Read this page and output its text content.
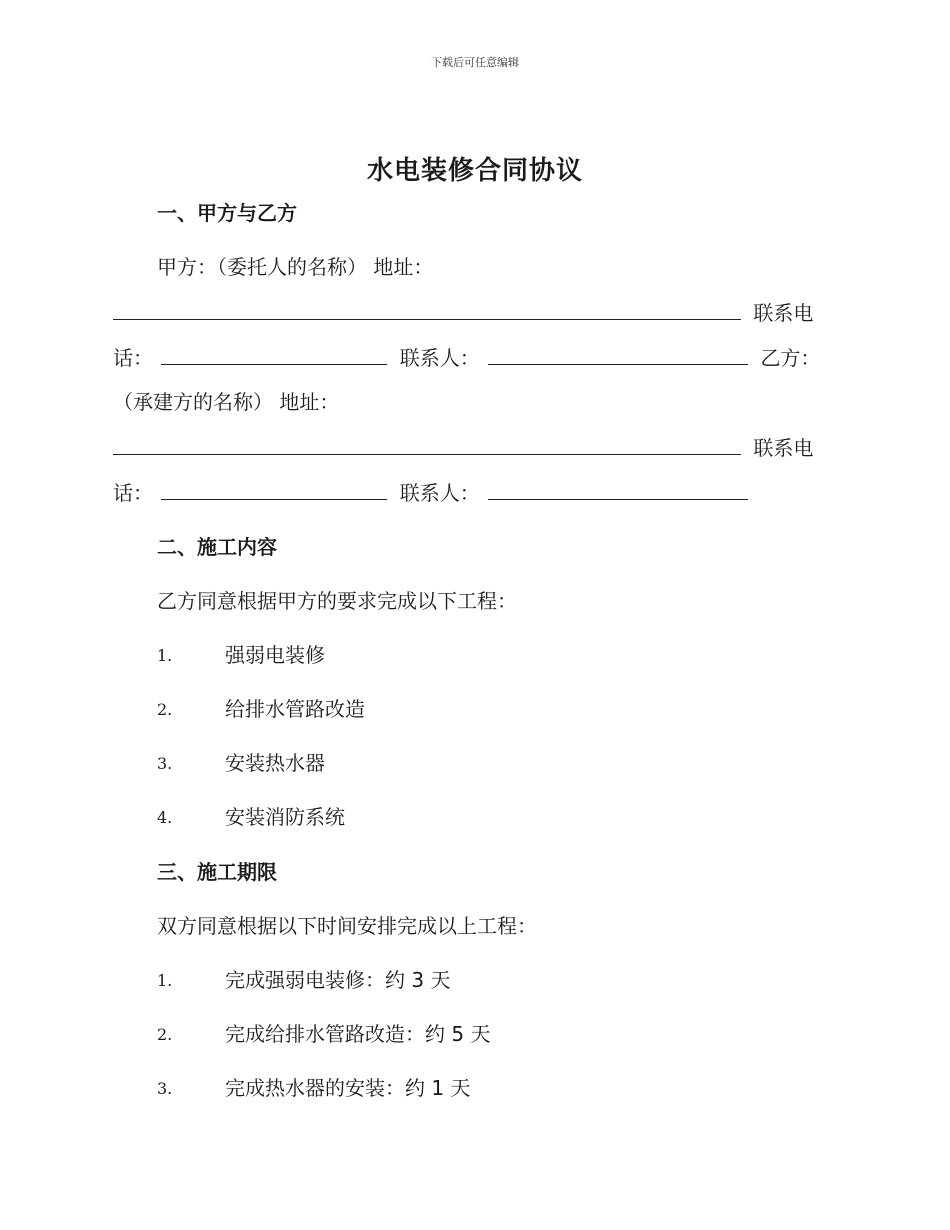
下载后可任意编辑
水电装修合同协议
一、甲方与乙方
甲方：（委托人的名称） 地址：
联系电
话：	联系人：	乙方：
（承建方的名称） 地址：
联系电
话：	联系人：
二、施工内容
乙方同意根据甲方的要求完成以下工程：
1.	强弱电装修
2.	给排水管路改造
3.	安装热水器
4.	安装消防系统
三、施工期限
双方同意根据以下时间安排完成以上工程：
1.	完成强弱电装修：约 3 天
2.	完成给排水管路改造：约 5 天
3.	完成热水器的安装：约 1 天
